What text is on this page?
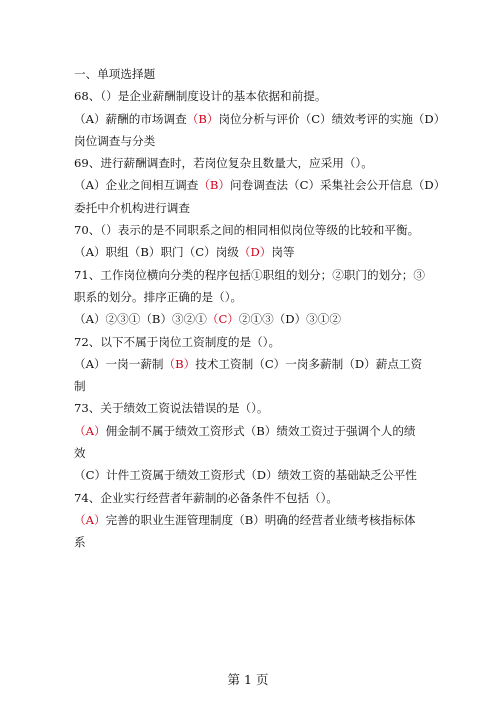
一、单项选择题
68、（）是企业薪酬制度设计的基本依据和前提。
（A）薪酬的市场调查（B）岗位分析与评价（C）绩效考评的实施（D）
岗位调查与分类
69、进行薪酬调查时，若岗位复杂且数量大，应采用（）。
（A）企业之间相互调查（B）问卷调查法（C）采集社会公开信息（D）
委托中介机构进行调查
70、（）表示的是不同职系之间的相同相似岗位等级的比较和平衡。
（A）职组（B）职门（C）岗级（D）岗等
71、工作岗位横向分类的程序包括①职组的划分；②职门的划分；③
职系的划分。排序正确的是（）。
（A）②③①（B）③②①（C）②①③（D）③①②
72、以下不属于岗位工资制度的是（）。
（A）一岗一薪制（B）技术工资制（C）一岗多薪制（D）薪点工资
制
73、关于绩效工资说法错误的是（）。
（A）佣金制不属于绩效工资形式（B）绩效工资过于强调个人的绩
效
（C）计件工资属于绩效工资形式（D）绩效工资的基础缺乏公平性
74、企业实行经营者年薪制的必备条件不包括（）。
（A）完善的职业生涯管理制度（B）明确的经营者业绩考核指标体
系
第 1 页
